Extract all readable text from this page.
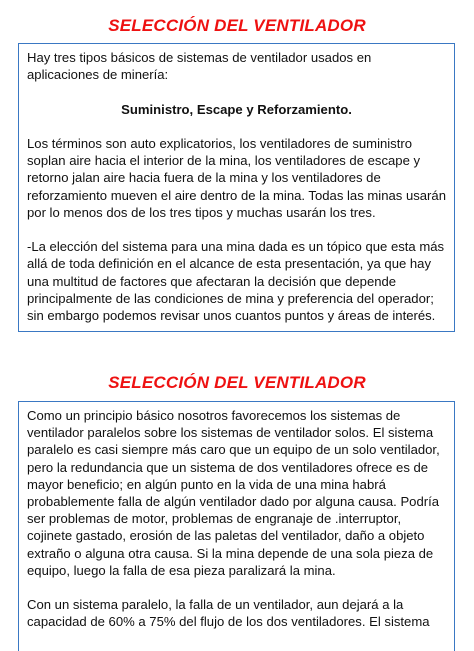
SELECCIÓN DEL VENTILADOR

Hay tres tipos básicos de sistemas de ventilador usados en aplicaciones de minería:

Suministro, Escape y Reforzamiento.

Los términos son auto explicatorios, los ventiladores de suministro soplan aire hacia el interior de la mina, los ventiladores de escape y retorno jalan aire hacia fuera de la mina y los ventiladores de reforzamiento mueven el aire dentro de la mina. Todas las minas usarán por lo menos dos de los tres tipos y muchas usarán los tres.

-La elección del sistema para una mina dada es un tópico que esta más allá de toda definición en el alcance de esta presentación, ya que hay una multitud de factores que afectaran la decisión que depende principalmente de las condiciones de mina y preferencia del operador; sin embargo podemos revisar unos cuantos puntos y áreas de interés.

SELECCIÓN DEL VENTILADOR

Como un principio básico nosotros favorecemos los sistemas de ventilador paralelos sobre los sistemas de ventilador solos. El sistema paralelo es casi siempre más caro que un equipo de un solo ventilador, pero la redundancia que un sistema de dos ventiladores ofrece es de mayor beneficio; en algún punto en la vida de una mina habrá probablemente falla de algún ventilador dado por alguna causa. Podría ser problemas de motor, problemas de engranaje de .interruptor, cojinete gastado, erosión de las paletas del ventilador, daño a objeto extraño o alguna otra causa. Si la mina depende de una sola pieza de equipo, luego la falla de esa pieza paralizará la mina.

Con un sistema paralelo, la falla de un ventilador, aun dejará a la capacidad de 60% a 75% del flujo de los dos ventiladores. El sistema
